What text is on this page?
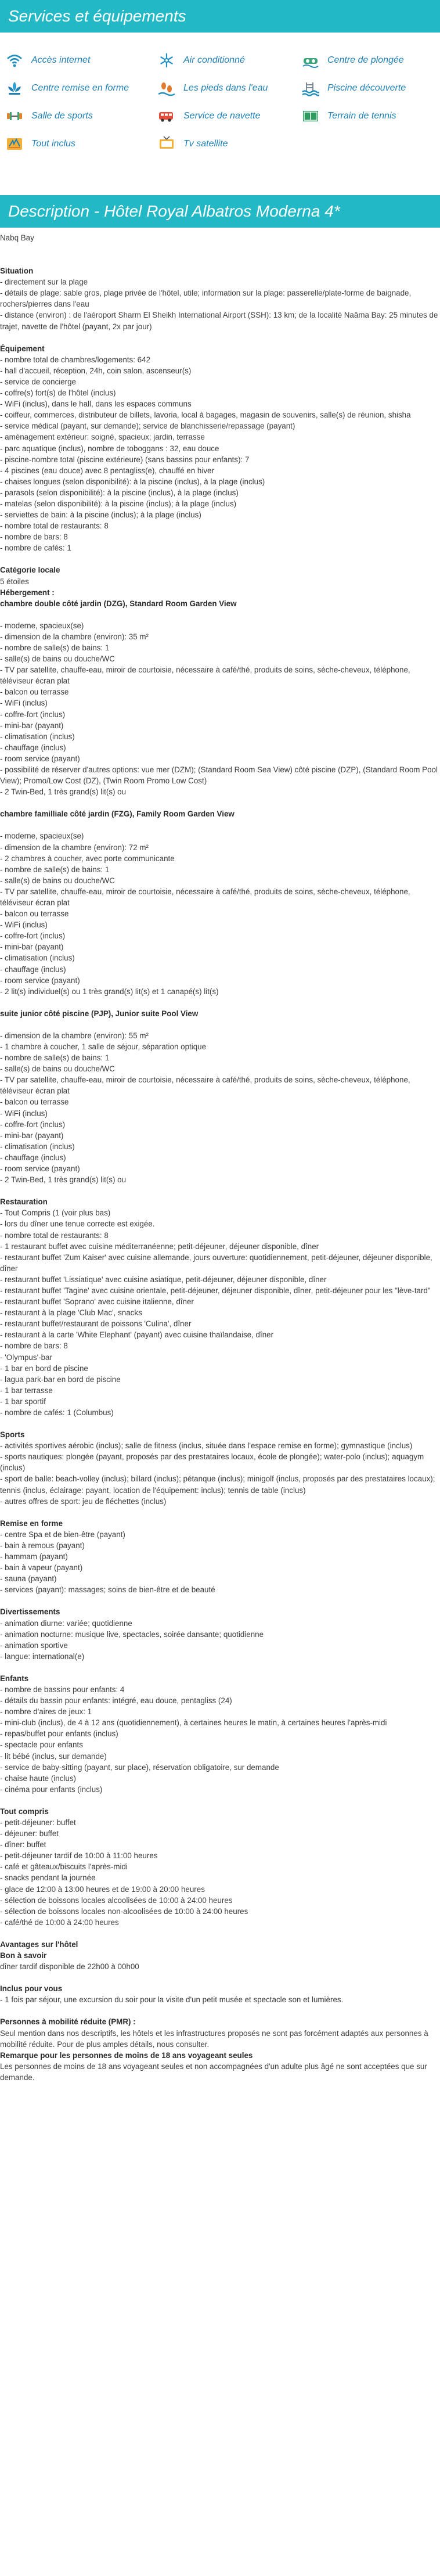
Services et équipements
Accès internet	Air conditionné	Centre de plongée
Centre remise en forme	Les pieds dans l'eau	Piscine découverte
Salle de sports	Service de navette	Terrain de tennis
Tout inclus	Tv satellite
Description - Hôtel Royal Albatros Moderna 4*

Nabq Bay

Situation

- directement sur la plage

- détails de plage: sable gros, plage privée de l'hôtel, utile; information sur la plage: passerelle/plate-forme de baignade, rochers/pierres dans l'eau

- distance (environ) : de l'aéroport Sharm El Sheikh International Airport (SSH): 13 km; de la localité Naâma Bay: 25 minutes de trajet, navette de l'hôtel (payant, 2x par jour)

Équipement

- nombre total de chambres/logements: 642

- hall d'accueil, réception, 24h, coin salon, ascenseur(s)

- service de concierge

- coffre(s) fort(s) de l'hôtel (inclus)

- WiFi (inclus), dans le hall, dans les espaces communs

- coiffeur, commerces, distributeur de billets, lavoria, local à bagages, magasin de souvenirs, salle(s) de réunion, shisha

- service médical (payant, sur demande); service de blanchisserie/repassage (payant)

- aménagement extérieur: soigné, spacieux; jardin, terrasse

- parc aquatique (inclus), nombre de toboggans : 32, eau douce

- piscine-nombre total (piscine extérieure) (sans bassins pour enfants): 7

- 4 piscines (eau douce) avec 8 pentagliss(e), chauffé en hiver

- chaises longues (selon disponibilité): à la piscine (inclus), à la plage (inclus)

- parasols (selon disponibilité): à la piscine (inclus), à la plage (inclus)

- matelas (selon disponibilité): à la piscine (inclus); à la plage (inclus)

- serviettes de bain: à la piscine (inclus); à la plage (inclus)

- nombre total de restaurants: 8

- nombre de bars: 8

- nombre de cafés: 1

Catégorie locale

5 étoiles

Hébergement :

chambre double côté jardin (DZG), Standard Room Garden View

- moderne, spacieux(se)

- dimension de la chambre (environ): 35 m²

- nombre de salle(s) de bains: 1

- salle(s) de bains ou douche/WC

- TV par satellite, chauffe-eau, miroir de courtoisie, nécessaire à café/thé, produits de soins, sèche-cheveux, téléphone, téléviseur écran plat

- balcon ou terrasse

- WiFi (inclus)

- coffre-fort (inclus)

- mini-bar (payant)

- climatisation (inclus)

- chauffage (inclus)

- room service (payant)

- possibilité de réserver d'autres options: vue mer (DZM); (Standard Room Sea View) côté piscine (DZP), (Standard Room Pool View); Promo/Low Cost (DZ), (Twin Room Promo Low Cost)

- 2 Twin-Bed, 1 très grand(s) lit(s) ou

chambre familliale côté jardin (FZG), Family Room Garden View

- moderne, spacieux(se)

- dimension de la chambre (environ): 72 m²

- 2 chambres à coucher, avec porte communicante

- nombre de salle(s) de bains: 1

- salle(s) de bains ou douche/WC

- TV par satellite, chauffe-eau, miroir de courtoisie, nécessaire à café/thé, produits de soins, sèche-cheveux, téléphone, téléviseur écran plat

- balcon ou terrasse

- WiFi (inclus)

- coffre-fort (inclus)

- mini-bar (payant)

- climatisation (inclus)

- chauffage (inclus)

- room service (payant)

- 2 lit(s) individuel(s) ou 1 très grand(s) lit(s) et 1 canapé(s) lit(s)

suite junior côté piscine (PJP), Junior suite Pool View

- dimension de la chambre (environ): 55 m²

- 1 chambre à coucher, 1 salle de séjour, séparation optique

- nombre de salle(s) de bains: 1

- salle(s) de bains ou douche/WC

- TV par satellite, chauffe-eau, miroir de courtoisie, nécessaire à café/thé, produits de soins, sèche-cheveux, téléphone, téléviseur écran plat

- balcon ou terrasse

- WiFi (inclus)

- coffre-fort (inclus)

- mini-bar (payant)

- climatisation (inclus)

- chauffage (inclus)

- room service (payant)

- 2 Twin-Bed, 1 très grand(s) lit(s) ou

Restauration

- Tout Compris (1 (voir plus bas)

- lors du dîner une tenue correcte est exigée.

- nombre total de restaurants: 8

- 1 restaurant buffet avec cuisine méditerranéenne; petit-déjeuner, déjeuner disponible, dîner

- restaurant buffet 'Zum Kaiser' avec cuisine allemande, jours ouverture: quotidiennement, petit-déjeuner, déjeuner disponible, dîner

- restaurant buffet 'Lissiatique' avec cuisine asiatique, petit-déjeuner, déjeuner disponible, dîner

- restaurant buffet 'Tagine' avec cuisine orientale, petit-déjeuner, déjeuner disponible, dîner, petit-déjeuner pour les "lève-tard"

- restaurant buffet 'Soprano' avec cuisine italienne, dîner

- restaurant à la plage 'Club Mac', snacks

- restaurant buffet/restaurant de poissons 'Culina', dîner

- restaurant à la carte 'White Elephant' (payant) avec cuisine thaïlandaise, dîner

- nombre de bars: 8

- 'Olympus'-bar

- 1 bar en bord de piscine

- lagua park-bar en bord de piscine

- 1 bar terrasse

- 1 bar sportif

- nombre de cafés: 1 (Columbus)

Sports

- activités sportives aérobic (inclus); salle de fitness (inclus, située dans l'espace remise en forme); gymnastique (inclus)

- sports nautiques: plongée (payant, proposés par des prestataires locaux, école de plongée); water-polo (inclus); aquagym (inclus)

- sport de balle: beach-volley (inclus); billard (inclus); pétanque (inclus); minigolf (inclus, proposés par des prestataires locaux); tennis (inclus, éclairage: payant, location de l'équipement: inclus); tennis de table (inclus)

- autres offres de sport: jeu de fléchettes (inclus)

Remise en forme

- centre Spa et de bien-être (payant)

- bain à remous (payant)

- hammam (payant)

- bain à vapeur (payant)

- sauna (payant)

- services (payant): massages; soins de bien-être et de beauté

Divertissements

- animation diurne: variée; quotidienne

- animation nocturne: musique live, spectacles, soirée dansante; quotidienne

- animation sportive

- langue: international(e)

Enfants

- nombre de bassins pour enfants: 4

- détails du bassin pour enfants: intégré, eau douce, pentagliss (24)

- nombre d'aires de jeux: 1

- mini-club (inclus), de 4 à 12 ans (quotidiennement), à certaines heures le matin, à certaines heures l'après-midi

- repas/buffet pour enfants (inclus)

- spectacle pour enfants

- lit bébé (inclus, sur demande)

- service de baby-sitting (payant, sur place), réservation obligatoire, sur demande

- chaise haute (inclus)

- cinéma pour enfants (inclus)

Tout compris

- petit-déjeuner: buffet

- déjeuner: buffet

- dîner: buffet

- petit-déjeuner tardif de 10:00 à 11:00 heures

- café et gâteaux/biscuits l'après-midi

- snacks pendant la journée

- glace de 12:00 à 13:00 heures et de 19:00 à 20:00 heures

- sélection de boissons locales alcoolisées de 10:00 à 24:00 heures

- sélection de boissons locales non-alcoolisées de 10:00 à 24:00 heures

- café/thé de 10:00 à 24:00 heures

Avantages sur l'hôtel

Bon à savoir

dîner tardif disponible de 22h00 à 00h00

Inclus pour vous

- 1 fois par séjour, une excursion du soir pour la visite d'un petit musée et spectacle son et lumières.

Personnes à mobilité réduite (PMR) :

Seul mention dans nos descriptifs, les hôtels et les infrastructures proposés ne sont pas forcément adaptés aux personnes à mobilité réduite. Pour de plus amples détails, nous consulter.

Remarque pour les personnes de moins de 18 ans voyageant seules

Les personnes de moins de 18 ans voyageant seules et non accompagnées d'un adulte plus âgé ne sont acceptées que sur demande.
